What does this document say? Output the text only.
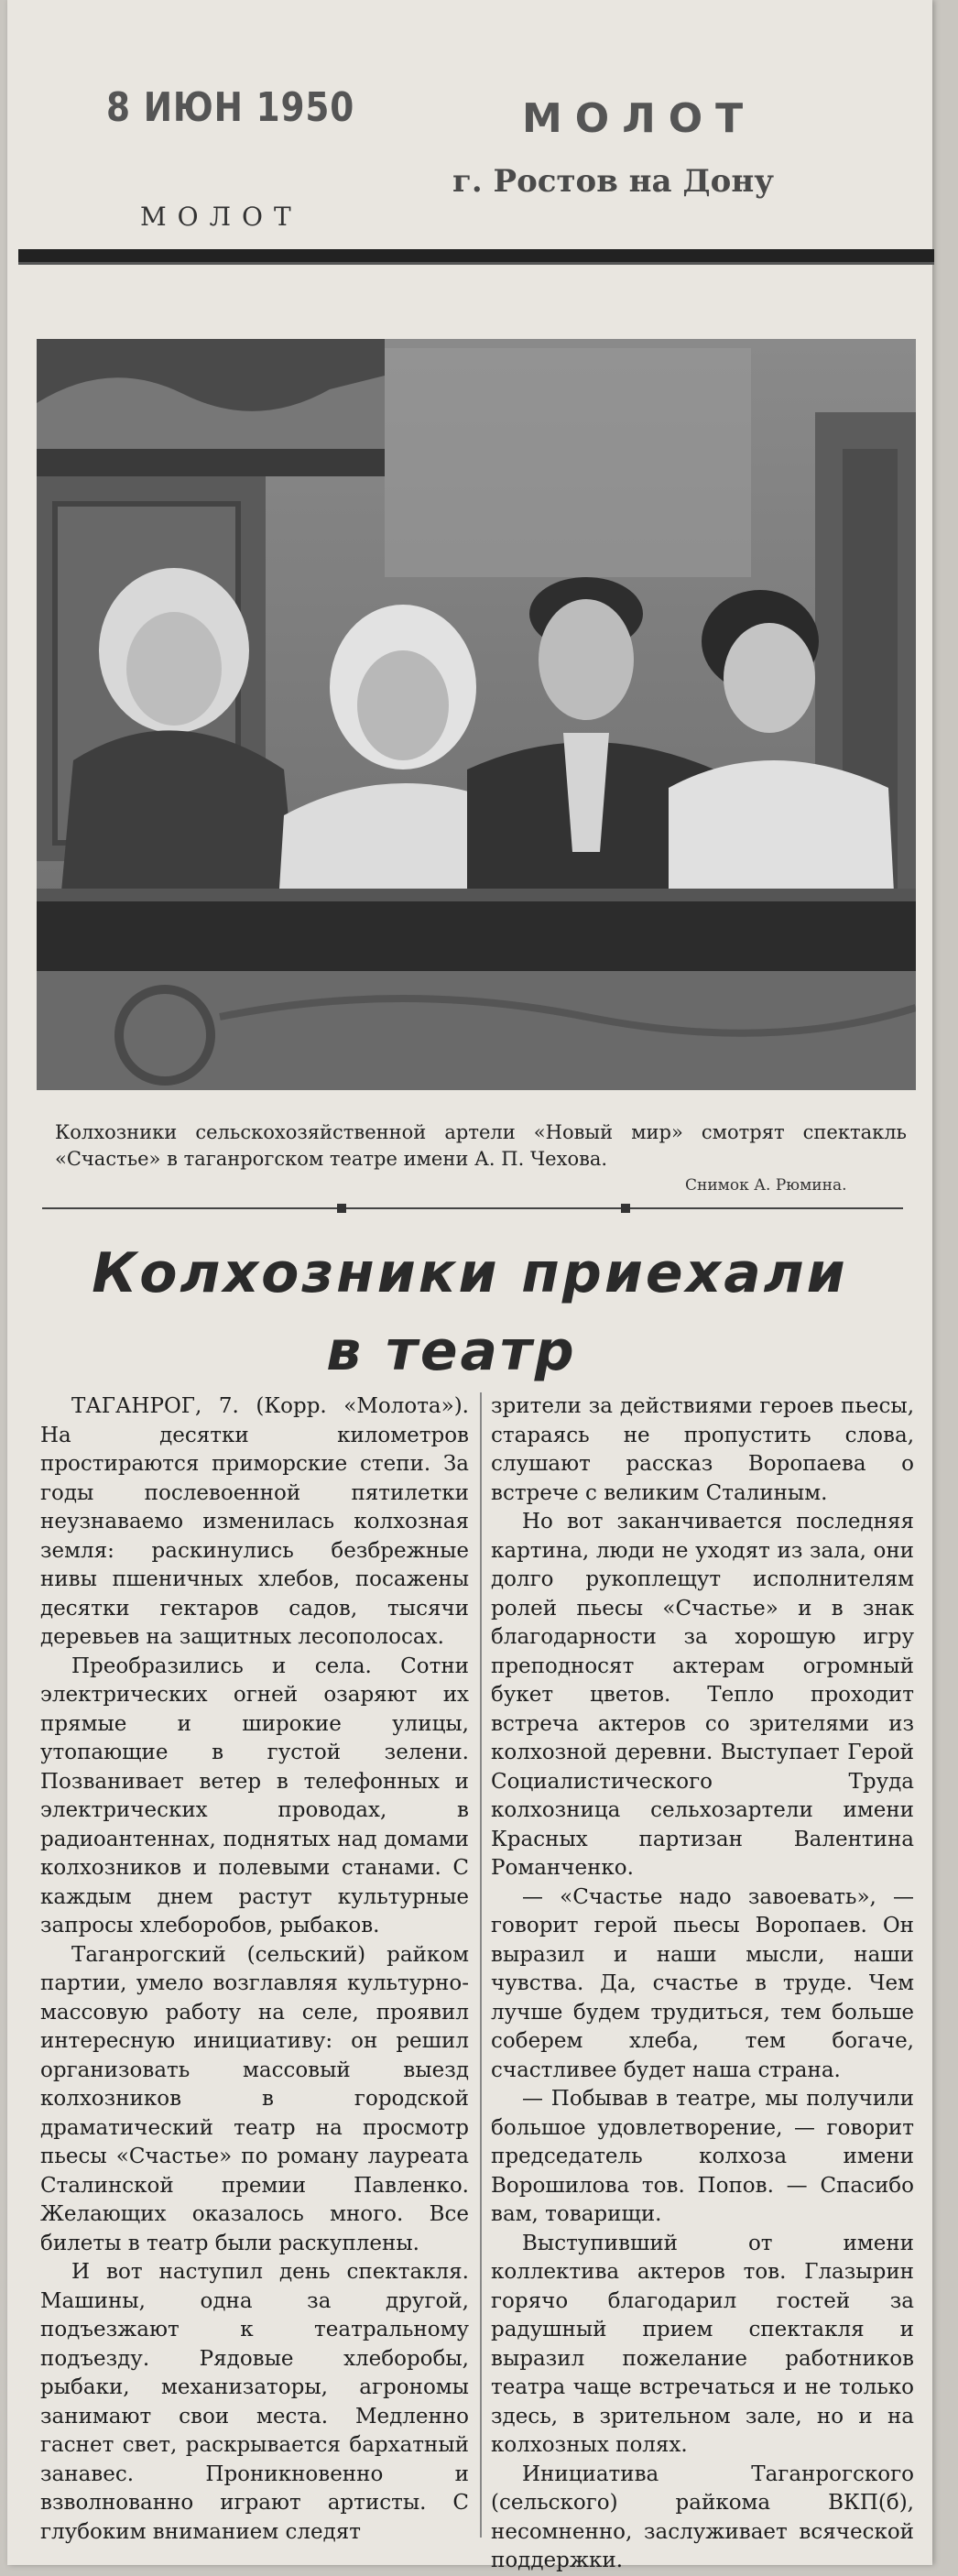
8 ИЮН 1950	МОЛОТ
г. Ростов на Дону
МОЛОТ
Колхозники сельскохозяйственной артели «Новый мир» смотрят спектакль «Счастье» в таганрогском театре имени А. П. Чехова.
Снимок А. Рюмина.
Колхозники приехали
в театр

ТАГАНРОГ, 7. (Корр. «Молота»). На десятки километров простираются приморские степи. За годы послевоенной пятилетки неузнаваемо изменилась колхозная земля: раскинулись безбрежные нивы пшеничных хлебов, посажены десятки гектаров садов, тысячи деревьев на защитных лесополосах.

Преобразились и села. Сотни электрических огней озаряют их прямые и широкие улицы, утопающие в густой зелени. Позванивает ветер в телефонных и электрических проводах, в радиоантеннах, поднятых над домами колхозников и полевыми станами. С каждым днем растут культурные запросы хлеборобов, рыбаков.

Таганрогский (сельский) райком партии, умело возглавляя культурно-массовую работу на селе, проявил интересную инициативу: он решил организовать массовый выезд колхозников в городской драматический театр на просмотр пьесы «Счастье» по роману лауреата Сталинской премии Павленко. Желающих оказалось много. Все билеты в театр были раскуплены.

И вот наступил день спектакля. Машины, одна за другой, подъезжают к театральному подъезду. Рядовые хлеборобы, рыбаки, механизаторы, агрономы занимают свои места. Медленно гаснет свет, раскрывается бархатный занавес. Проникновенно и взволнованно играют артисты. С глубоким вниманием следят

зрители за действиями героев пьесы, стараясь не пропустить слова, слушают рассказ Воропаева о встрече с великим Сталиным.

Но вот заканчивается последняя картина, люди не уходят из зала, они долго рукоплещут исполнителям ролей пьесы «Счастье» и в знак благодарности за хорошую игру преподносят актерам огромный букет цветов. Тепло проходит встреча актеров со зрителями из колхозной деревни. Выступает Герой Социалистического Труда колхозница сельхозартели имени Красных партизан Валентина Романченко.

— «Счастье надо завоевать», — говорит герой пьесы Воропаев. Он выразил и наши мысли, наши чувства. Да, счастье в труде. Чем лучше будем трудиться, тем больше соберем хлеба, тем богаче, счастливее будет наша страна.

— Побывав в театре, мы получили большое удовлетворение, — говорит председатель колхоза имени Ворошилова тов. Попов. — Спасибо вам, товарищи.

Выступивший от имени коллектива актеров тов. Глазырин горячо благодарил гостей за радушный прием спектакля и выразил пожелание работников театра чаще встречаться и не только здесь, в зрительном зале, но и на колхозных полях.

Инициатива Таганрогского (сельского) райкома ВКП(б), несомненно, заслуживает всяческой поддержки.
